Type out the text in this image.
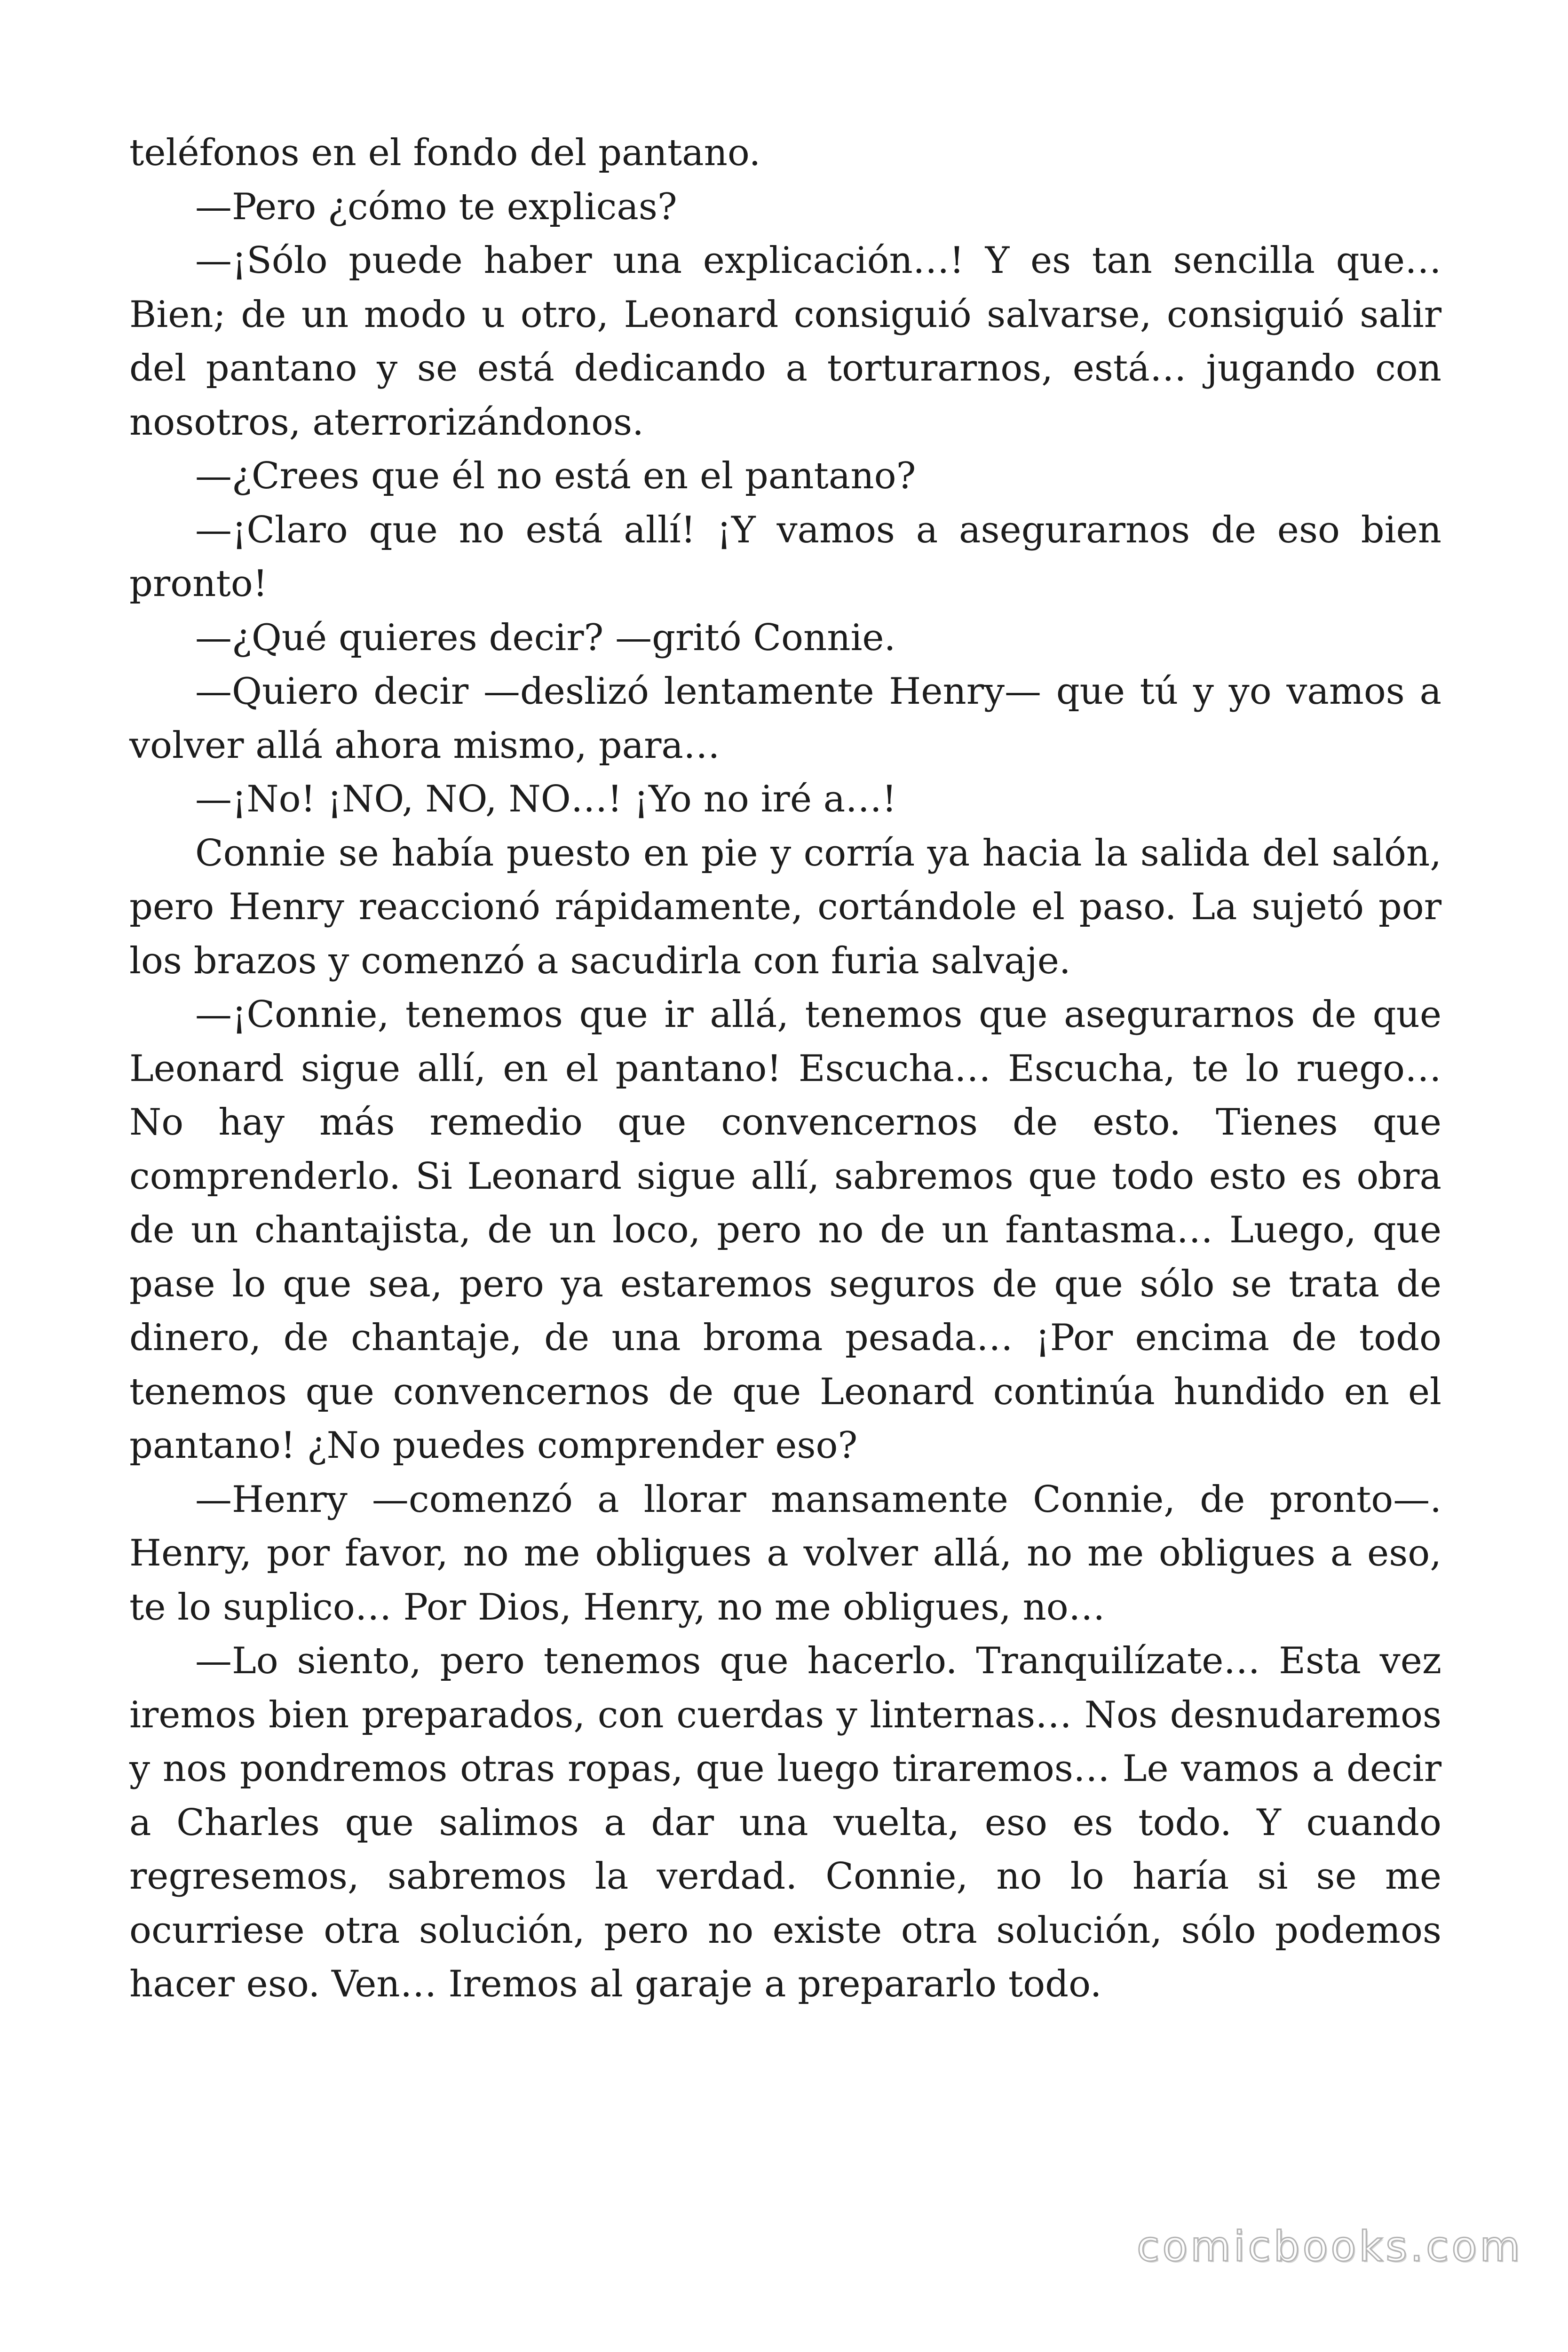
teléfonos en el fondo del pantano.

—Pero ¿cómo te explicas?

—¡Sólo puede haber una explicación…! Y es tan sencilla que… Bien; de un modo u otro, Leonard consiguió salvarse, consiguió salir del pantano y se está dedicando a torturarnos, está… jugando con nosotros, aterrorizándonos.

—¿Crees que él no está en el pantano?

—¡Claro que no está allí! ¡Y vamos a asegurarnos de eso bien pronto!

—¿Qué quieres decir? —gritó Connie.

—Quiero decir —deslizó lentamente Henry— que tú y yo vamos a volver allá ahora mismo, para…

—¡No! ¡NO, NO, NO…! ¡Yo no iré a…!

Connie se había puesto en pie y corría ya hacia la salida del salón, pero Henry reaccionó rápidamente, cortándole el paso. La sujetó por los brazos y comenzó a sacudirla con furia salvaje.

—¡Connie, tenemos que ir allá, tenemos que asegurarnos de que Leonard sigue allí, en el pantano! Escucha… Escucha, te lo ruego… No hay más remedio que convencernos de esto. Tienes que comprenderlo. Si Leonard sigue allí, sabremos que todo esto es obra de un chantajista, de un loco, pero no de un fantasma… Luego, que pase lo que sea, pero ya estaremos seguros de que sólo se trata de dinero, de chantaje, de una broma pesada… ¡Por encima de todo tenemos que convencernos de que Leonard continúa hundido en el pantano! ¿No puedes comprender eso?

—Henry —comenzó a llorar mansamente Connie, de pronto—. Henry, por favor, no me obligues a volver allá, no me obligues a eso, te lo suplico… Por Dios, Henry, no me obligues, no…

—Lo siento, pero tenemos que hacerlo. Tranquilízate… Esta vez iremos bien preparados, con cuerdas y linternas… Nos desnudaremos y nos pondremos otras ropas, que luego tiraremos… Le vamos a decir a Charles que salimos a dar una vuelta, eso es todo. Y cuando regresemos, sabremos la verdad. Connie, no lo haría si se me ocurriese otra solución, pero no existe otra solución, sólo podemos hacer eso. Ven… Iremos al garaje a prepararlo todo.

comicbooks.com
